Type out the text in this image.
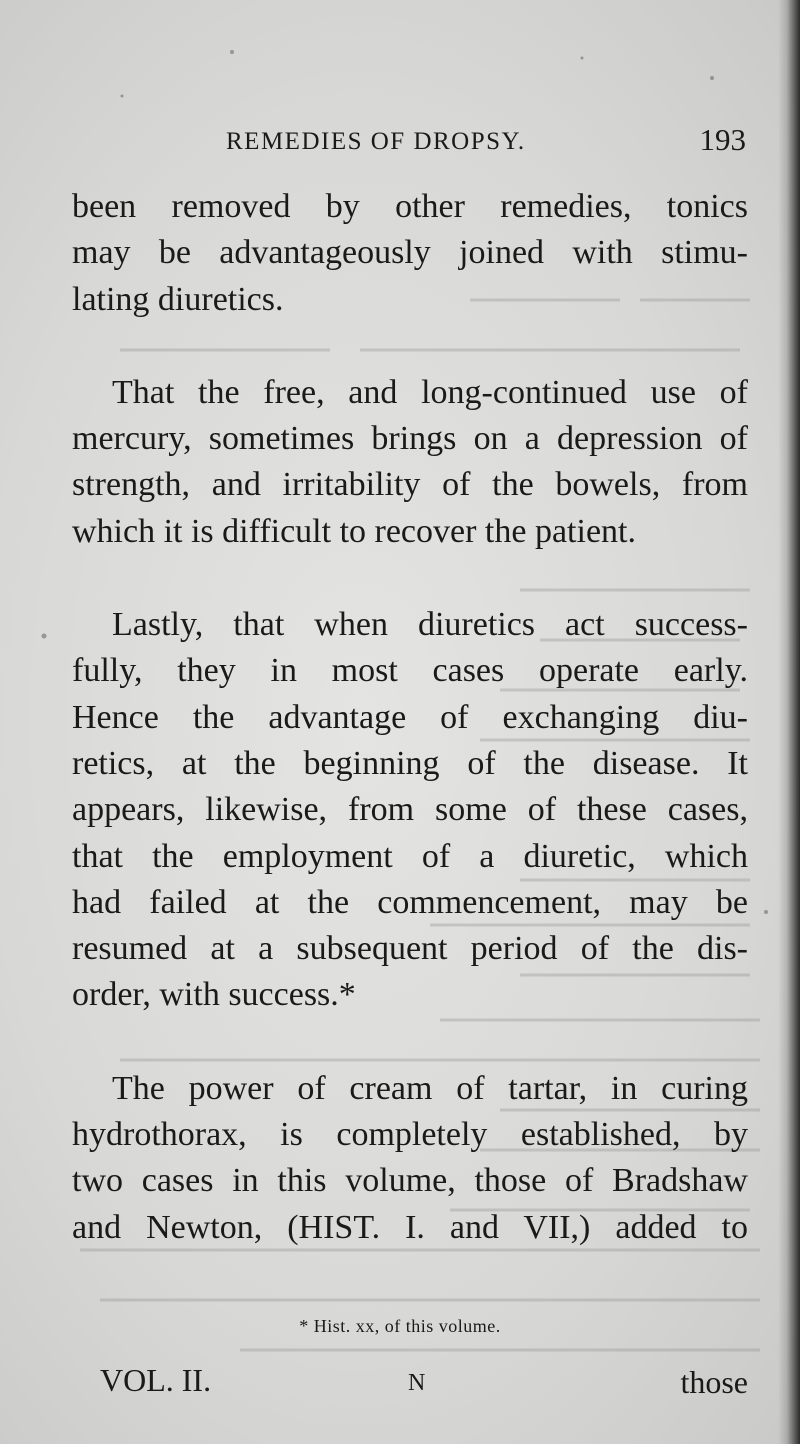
REMEDIES OF DROPSY.	193
been removed by other remedies, tonics
may be advantageously joined with stimu-
lating diuretics.
That the free, and long-continued use of
mercury, sometimes brings on a depression of
strength, and irritability of the bowels, from
which it is difficult to recover the patient.
Lastly, that when diuretics act success-
fully, they in most cases operate early.
Hence the advantage of exchanging diu-
retics, at the beginning of the disease. It
appears, likewise, from some of these cases,
that the employment of a diuretic, which
had failed at the commencement, may be
resumed at a subsequent period of the dis-
order, with success.*
The power of cream of tartar, in curing
hydrothorax, is completely established, by
two cases in this volume, those of Bradshaw
and Newton, (HIST. I. and VII,) added to
* Hist. xx, of this volume.
VOL. II.	N	those
